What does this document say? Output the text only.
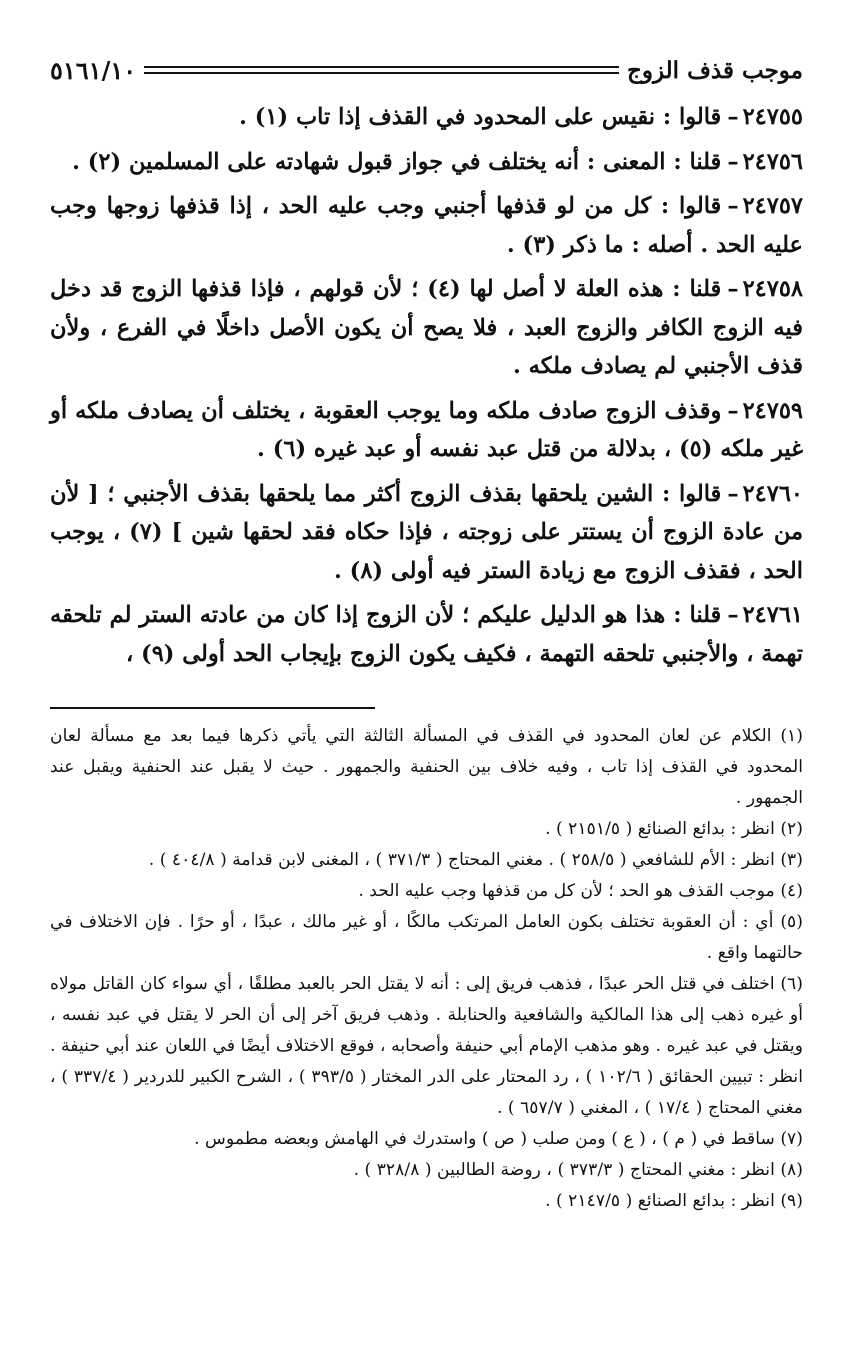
موجب قذف الزوج
٥١٦١/١٠

٢٤٧٥٥–قالوا : نقيس على المحدود في القذف إذا تاب (١) .

٢٤٧٥٦–قلنا : المعنى : أنه يختلف في جواز قبول شهادته على المسلمين (٢) .

٢٤٧٥٧–قالوا : كل من لو قذفها أجنبي وجب عليه الحد ، إذا قذفها زوجها وجب عليه الحد . أصله : ما ذكر (٣) .

٢٤٧٥٨–قلنا : هذه العلة لا أصل لها (٤) ؛ لأن قولهم ، فإذا قذفها الزوج قد دخل فيه الزوج الكافر والزوج العبد ، فلا يصح أن يكون الأصل داخلًا في الفرع ، ولأن قذف الأجنبي لم يصادف ملكه .

٢٤٧٥٩–وقذف الزوج صادف ملكه وما يوجب العقوبة ، يختلف أن يصادف ملكه أو غير ملكه (٥) ، بدلالة من قتل عبد نفسه أو عبد غيره (٦) .

٢٤٧٦٠–قالوا : الشين يلحقها بقذف الزوج أكثر مما يلحقها بقذف الأجنبي ؛ [ لأن من عادة الزوج أن يستتر على زوجته ، فإذا حكاه فقد لحقها شين ] (٧) ، يوجب الحد ، فقذف الزوج مع زيادة الستر فيه أولى (٨) .

٢٤٧٦١–قلنا : هذا هو الدليل عليكم ؛ لأن الزوج إذا كان من عادته الستر لم تلحقه تهمة ، والأجنبي تلحقه التهمة ، فكيف يكون الزوج بإيجاب الحد أولى (٩) ،

(١) الكلام عن لعان المحدود في القذف في المسألة الثالثة التي يأتي ذكرها فيما بعد مع مسألة لعان المحدود في القذف إذا تاب ، وفيه خلاف بين الحنفية والجمهور . حيث لا يقبل عند الحنفية ويقبل عند الجمهور .

(٢) انظر : بدائع الصنائع ( ٢١٥١/٥ ) .

(٣) انظر : الأم للشافعي ( ٢٥٨/٥ ) . مغني المحتاج ( ٣٧١/٣ ) ، المغنى لابن قدامة ( ٤٠٤/٨ ) .

(٤) موجب القذف هو الحد ؛ لأن كل من قذفها وجب عليه الحد .

(٥) أي : أن العقوبة تختلف بكون العامل المرتكب مالكًا ، أو غير مالك ، عبدًا ، أو حرًا . فإن الاختلاف في حالتهما واقع .

(٦) اختلف في قتل الحر عبدًا ، فذهب فريق إلى : أنه لا يقتل الحر بالعبد مطلقًا ، أي سواء كان القاتل مولاه أو غيره ذهب إلى هذا المالكية والشافعية والحنابلة . وذهب فريق آخر إلى أن الحر لا يقتل في عبد نفسه ، ويقتل في عبد غيره . وهو مذهب الإمام أبي حنيفة وأصحابه ، فوقع الاختلاف أيضًا في اللعان عند أبي حنيفة . انظر : تبيين الحقائق ( ١٠٢/٦ ) ، رد المحتار على الدر المختار ( ٣٩٣/٥ ) ، الشرح الكبير للدردير ( ٣٣٧/٤ ) ، مغني المحتاج ( ١٧/٤ ) ، المغني ( ٦٥٧/٧ ) .

(٧) ساقط في ( م ) ، ( ع ) ومن صلب ( ص ) واستدرك في الهامش وبعضه مطموس .

(٨) انظر : مغني المحتاج ( ٣٧٣/٣ ) ، روضة الطالبين ( ٣٢٨/٨ ) .

(٩) انظر : بدائع الصنائع ( ٢١٤٧/٥ ) .
